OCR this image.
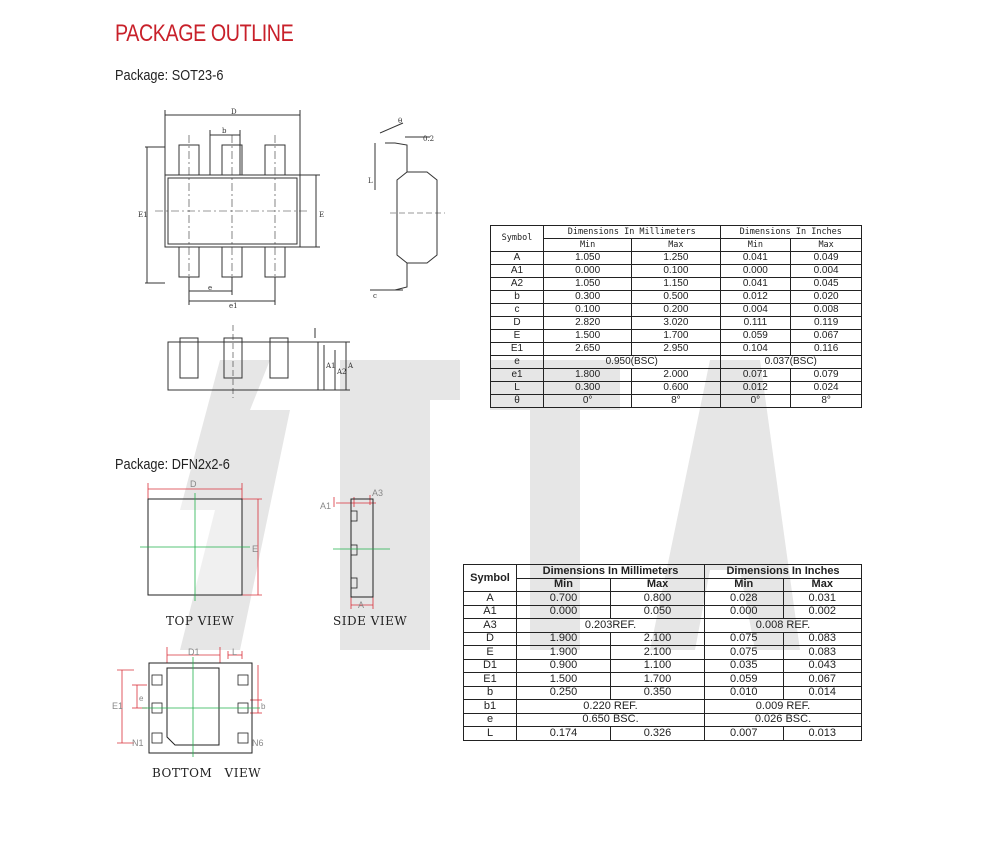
PACKAGE OUTLINE
Package: SOT23-6
D
b
E1	E
e
e1
θ
0.2
L
c
A
A1
A2
Symbol	Dimensions In Millimeters		Dimensions In Inches	
	Min	Max	Min	Max
A	1.050	1.250	0.041	0.049
A1	0.000	0.100	0.000	0.004
A2	1.050	1.150	0.041	0.045
b	0.300	0.500	0.012	0.020
c	0.100	0.200	0.004	0.008
D	2.820	3.020	0.111	0.119
E	1.500	1.700	0.059	0.067
E1	2.650	2.950	0.104	0.116
e	0.950(BSC)		0.037(BSC)	
e1	1.800	2.000	0.071	0.079
L	0.300	0.600	0.012	0.024
θ	0°	8°	0°	8°
Package: DFN2x2-6
D
E
TOP VIEW
A1
A3
A
SIDE VIEW
D1	L
E1
e
b
N1	N6
BOTTOM VIEW
Symbol	Dimensions In Millimeters		Dimensions In Inches	
	Min	Max	Min	Max
A	0.700	0.800	0.028	0.031
A1	0.000	0.050	0.000	0.002
A3	0.203REF.		0.008 REF.	
D	1.900	2.100	0.075	0.083
E	1.900	2.100	0.075	0.083
D1	0.900	1.100	0.035	0.043
E1	1.500	1.700	0.059	0.067
b	0.250	0.350	0.010	0.014
b1	0.220 REF.		0.009 REF.	
e	0.650 BSC.		0.026 BSC.	
L	0.174	0.326	0.007	0.013
